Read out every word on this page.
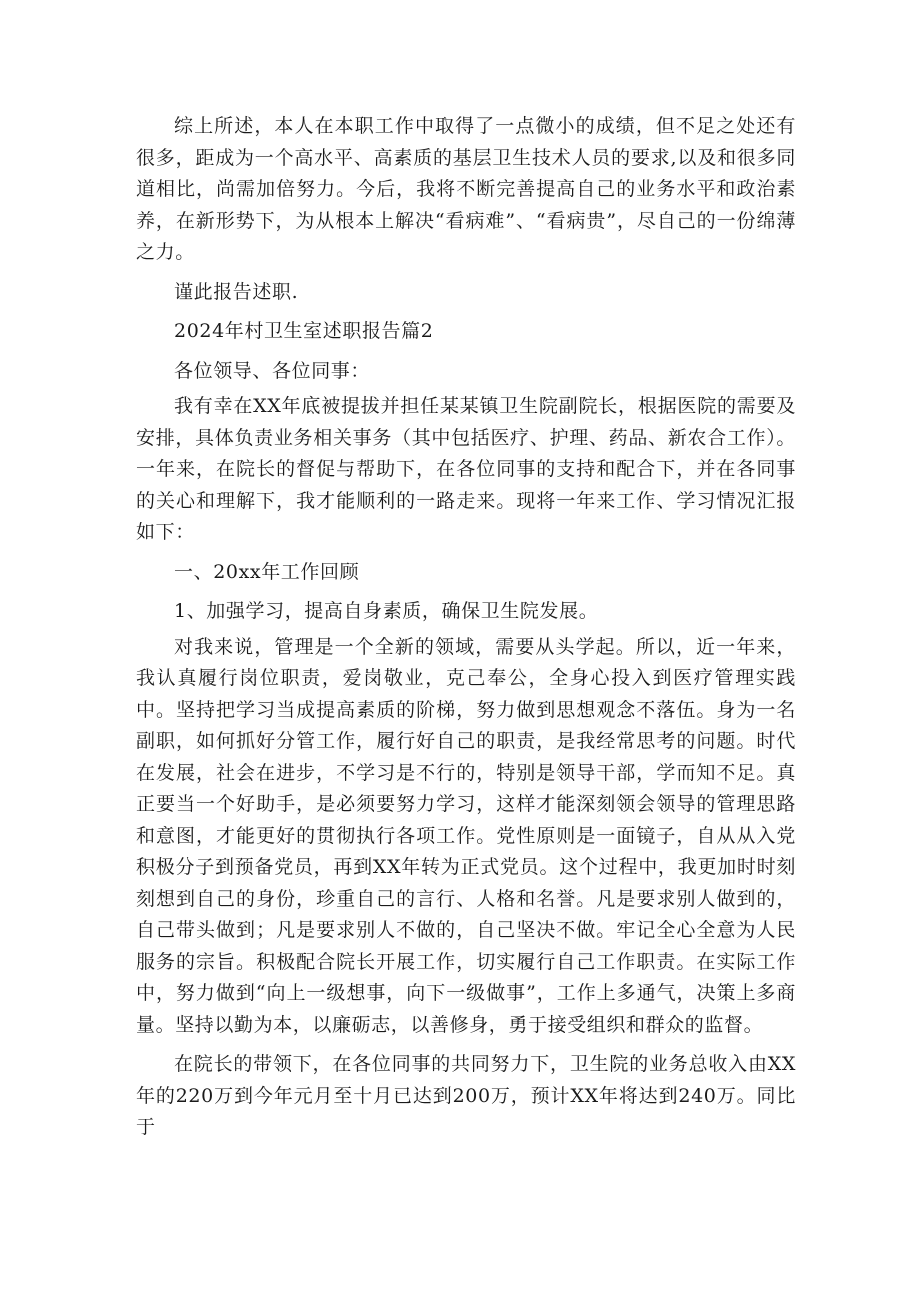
综上所述，本人在本职工作中取得了一点微小的成绩，但不足之处还有很多，距成为一个高水平、高素质的基层卫生技术人员的要求,以及和很多同道相比，尚需加倍努力。今后，我将不断完善提高自己的业务水平和政治素养，在新形势下，为从根本上解决“看病难”、“看病贵”，尽自己的一份绵薄之力。

谨此报告述职.

2024年村卫生室述职报告篇2

各位领导、各位同事：

我有幸在XX年底被提拔并担任某某镇卫生院副院长，根据医院的需要及安排，具体负责业务相关事务（其中包括医疗、护理、药品、新农合工作）。一年来，在院长的督促与帮助下，在各位同事的支持和配合下，并在各同事的关心和理解下，我才能顺利的一路走来。现将一年来工作、学习情况汇报如下：

一、20xx年工作回顾

1、加强学习，提高自身素质，确保卫生院发展。

对我来说，管理是一个全新的领域，需要从头学起。所以，近一年来，我认真履行岗位职责，爱岗敬业，克己奉公，全身心投入到医疗管理实践中。坚持把学习当成提高素质的阶梯，努力做到思想观念不落伍。身为一名副职，如何抓好分管工作，履行好自己的职责，是我经常思考的问题。时代在发展，社会在进步，不学习是不行的，特别是领导干部，学而知不足。真正要当一个好助手，是必须要努力学习，这样才能深刻领会领导的管理思路和意图，才能更好的贯彻执行各项工作。党性原则是一面镜子，自从从入党积极分子到预备党员，再到XX年转为正式党员。这个过程中，我更加时时刻刻想到自己的身份，珍重自己的言行、人格和名誉。凡是要求别人做到的，自己带头做到；凡是要求别人不做的，自己坚决不做。牢记全心全意为人民服务的宗旨。积极配合院长开展工作，切实履行自己工作职责。在实际工作中，努力做到“向上一级想事，向下一级做事”，工作上多通气，决策上多商量。坚持以勤为本，以廉砺志，以善修身，勇于接受组织和群众的监督。

在院长的带领下，在各位同事的共同努力下，卫生院的业务总收入由XX年的220万到今年元月至十月已达到200万，预计XX年将达到240万。同比于
